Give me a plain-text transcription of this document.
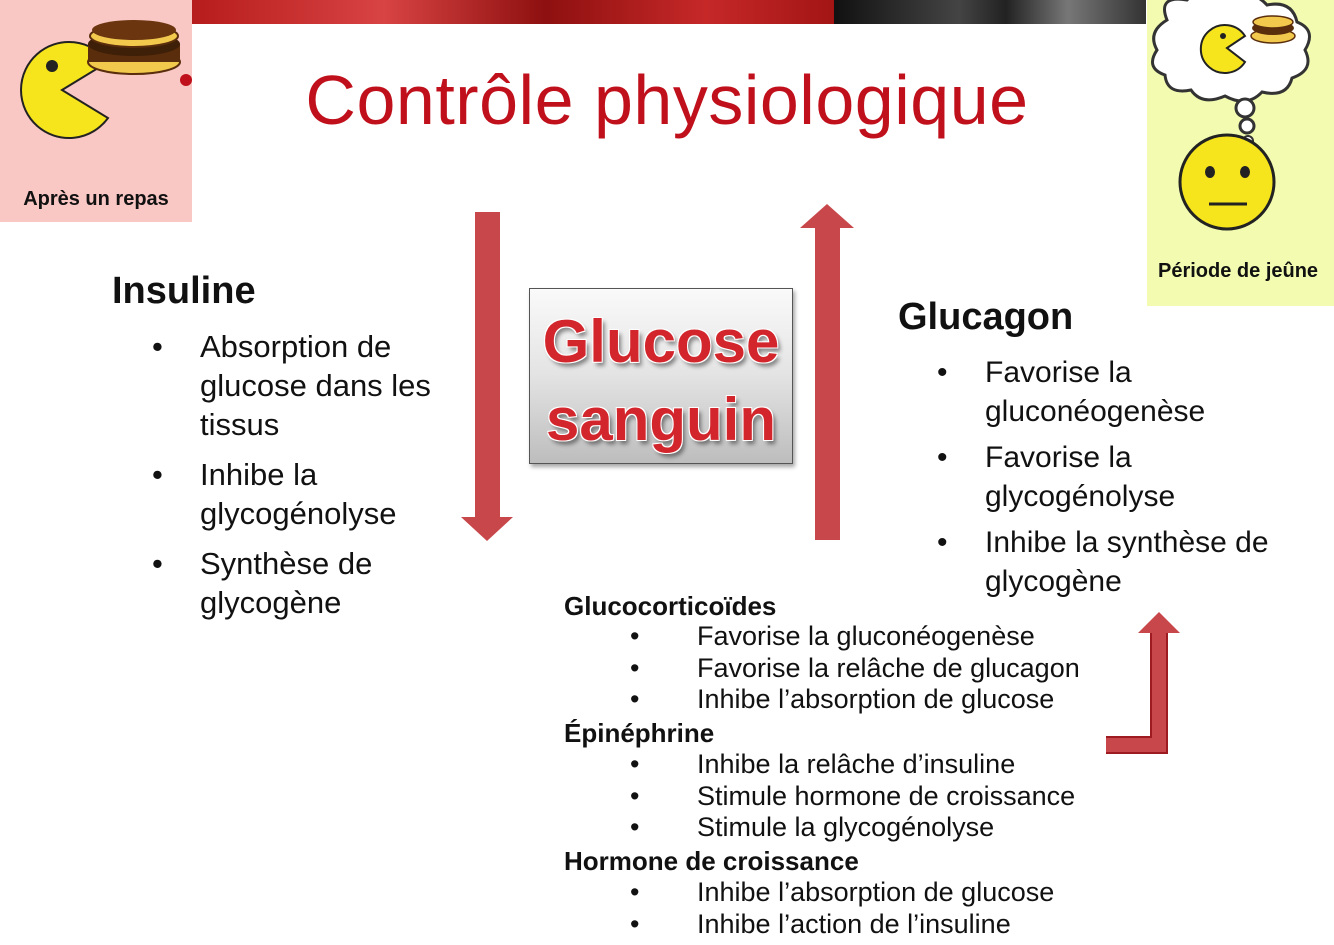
Après un repas
Période de jeûne
Contrôle physiologique
Glucose
sanguin
Insuline
• Absorption de glucose dans les tissus
• Inhibe la glycogénolyse
• Synthèse de glycogène
Glucagon
• Favorise la gluconéogenèse
• Favorise la glycogénolyse
• Inhibe la synthèse de glycogène
Glucocorticoïdes
• Favorise la gluconéogenèse
• Favorise la relâche de glucagon
• Inhibe l’absorption de glucose
Épinéphrine
• Inhibe la relâche d’insuline
• Stimule hormone de croissance
• Stimule la glycogénolyse
Hormone de croissance
• Inhibe l’absorption de glucose
• Inhibe l’action de l’insuline
